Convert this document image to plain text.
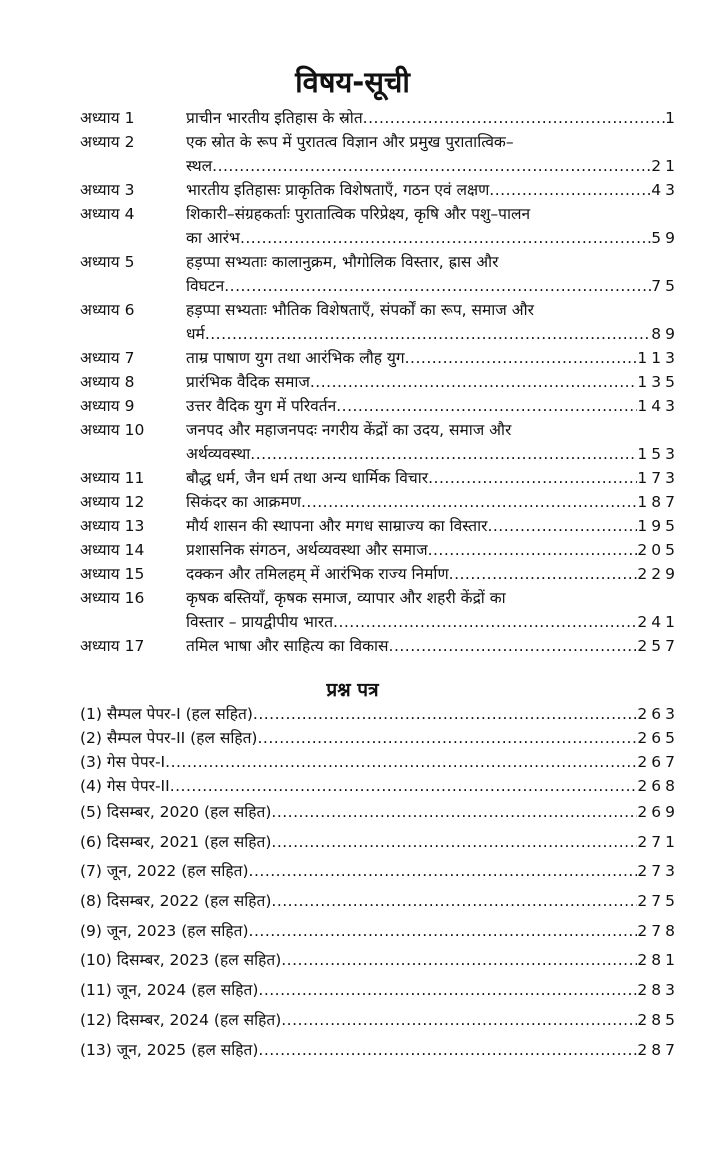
विषय-सूची
अध्याय 1	प्राचीन भारतीय इतिहास के स्रोत .....	1
अध्याय 2	एक स्रोत के रूप में पुरातत्व विज्ञान और प्रमुख पुरातात्विक–
स्थल .....	21
अध्याय 3	भारतीय इतिहासः प्राकृतिक विशेषताएँ, गठन एवं लक्षण .....	43
अध्याय 4	शिकारी–संग्रहकर्ताः पुरातात्विक परिप्रेक्ष्य, कृषि और पशु–पालन
का आरंभ .....	59
अध्याय 5	हड़प्पा सभ्यताः कालानुक्रम, भौगोलिक विस्तार, ह्रास और
विघटन .....	75
अध्याय 6	हड़प्पा सभ्यताः भौतिक विशेषताएँ, संपर्कों का रूप, समाज और
धर्म .....	89
अध्याय 7	ताम्र पाषाण युग तथा आरंभिक लौह युग .....	113
अध्याय 8	प्रारंभिक वैदिक समाज .....	135
अध्याय 9	उत्तर वैदिक युग में परिवर्तन .....	143
अध्याय 10	जनपद और महाजनपदः नगरीय केंद्रों का उदय, समाज और
अर्थव्यवस्था .....	153
अध्याय 11	बौद्ध धर्म, जैन धर्म तथा अन्य धार्मिक विचार .....	173
अध्याय 12	सिकंदर का आक्रमण .....	187
अध्याय 13	मौर्य शासन की स्थापना और मगध साम्राज्य का विस्तार .....	195
अध्याय 14	प्रशासनिक संगठन, अर्थव्यवस्था और समाज .....	205
अध्याय 15	दक्कन और तमिलहम् में आरंभिक राज्य निर्माण .....	229
अध्याय 16	कृषक बस्तियाँ, कृषक समाज, व्यापार और शहरी केंद्रों का
विस्तार – प्रायद्वीपीय भारत .....	241
अध्याय 17	तमिल भाषा और साहित्य का विकास .....	257
प्रश्न पत्र
(1) सैम्पल पेपर-I (हल सहित) .....	263
(2) सैम्पल पेपर-II (हल सहित) .....	265
(3) गेस पेपर-I .....	267
(4) गेस पेपर-II .....	268
(5) दिसम्बर, 2020 (हल सहित) .....	269
(6) दिसम्बर, 2021 (हल सहित) .....	271
(7) जून, 2022 (हल सहित) .....	273
(8) दिसम्बर, 2022 (हल सहित) .....	275
(9) जून, 2023 (हल सहित) .....	278
(10) दिसम्बर, 2023 (हल सहित) .....	281
(11) जून, 2024 (हल सहित) .....	283
(12) दिसम्बर, 2024 (हल सहित) .....	285
(13) जून, 2025 (हल सहित) .....	287
